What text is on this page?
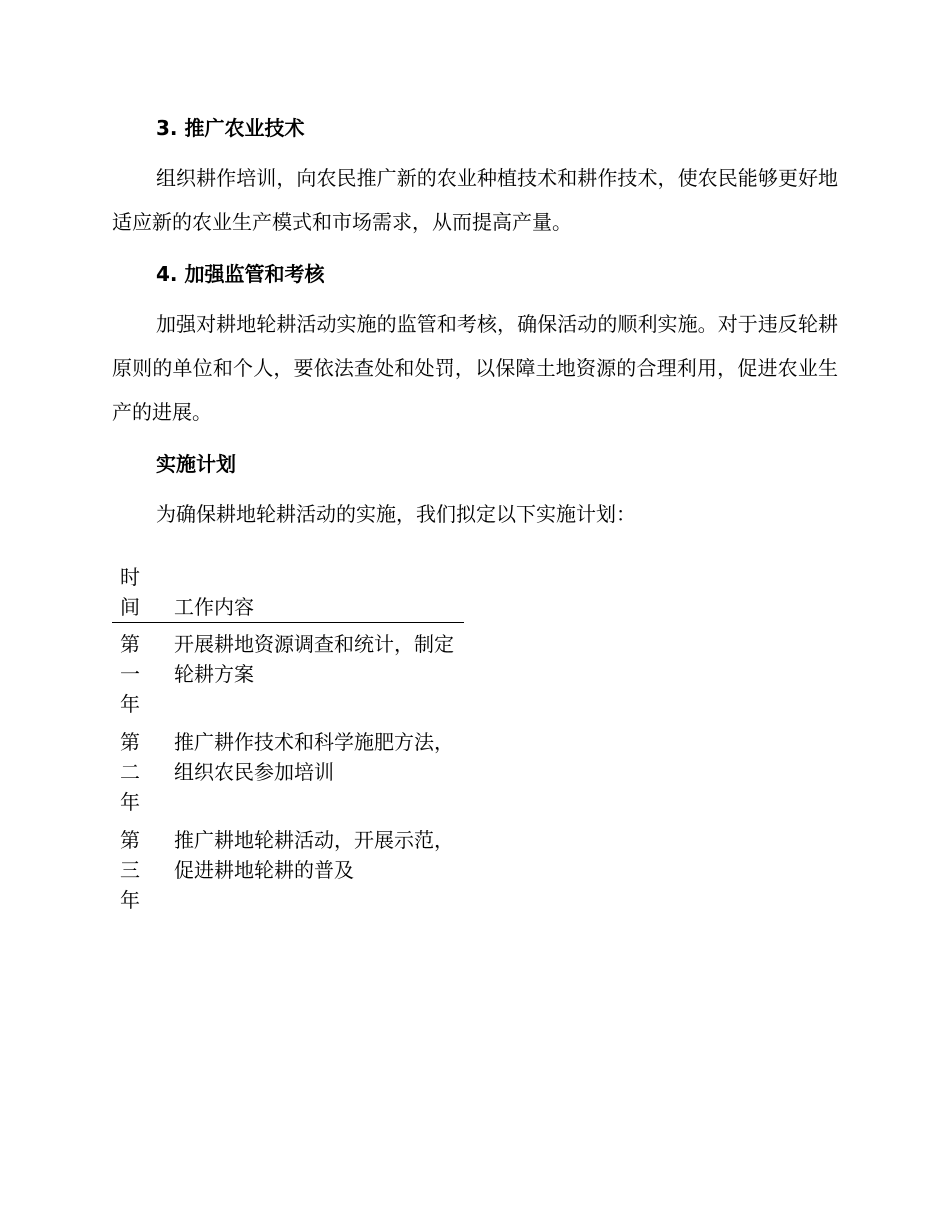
3. 推广农业技术

组织耕作培训，向农民推广新的农业种植技术和耕作技术，使农民能够更好地适应新的农业生产模式和市场需求，从而提高产量。

4. 加强监管和考核

加强对耕地轮耕活动实施的监管和考核，确保活动的顺利实施。对于违反轮耕原则的单位和个人，要依法查处和处罚，以保障土地资源的合理利用，促进农业生产的进展。

实施计划

为确保耕地轮耕活动的实施，我们拟定以下实施计划：

时间	工作内容
第一年	开展耕地资源调查和统计，制定轮耕方案
第二年	推广耕作技术和科学施肥方法，组织农民参加培训
第三年	推广耕地轮耕活动，开展示范，促进耕地轮耕的普及
